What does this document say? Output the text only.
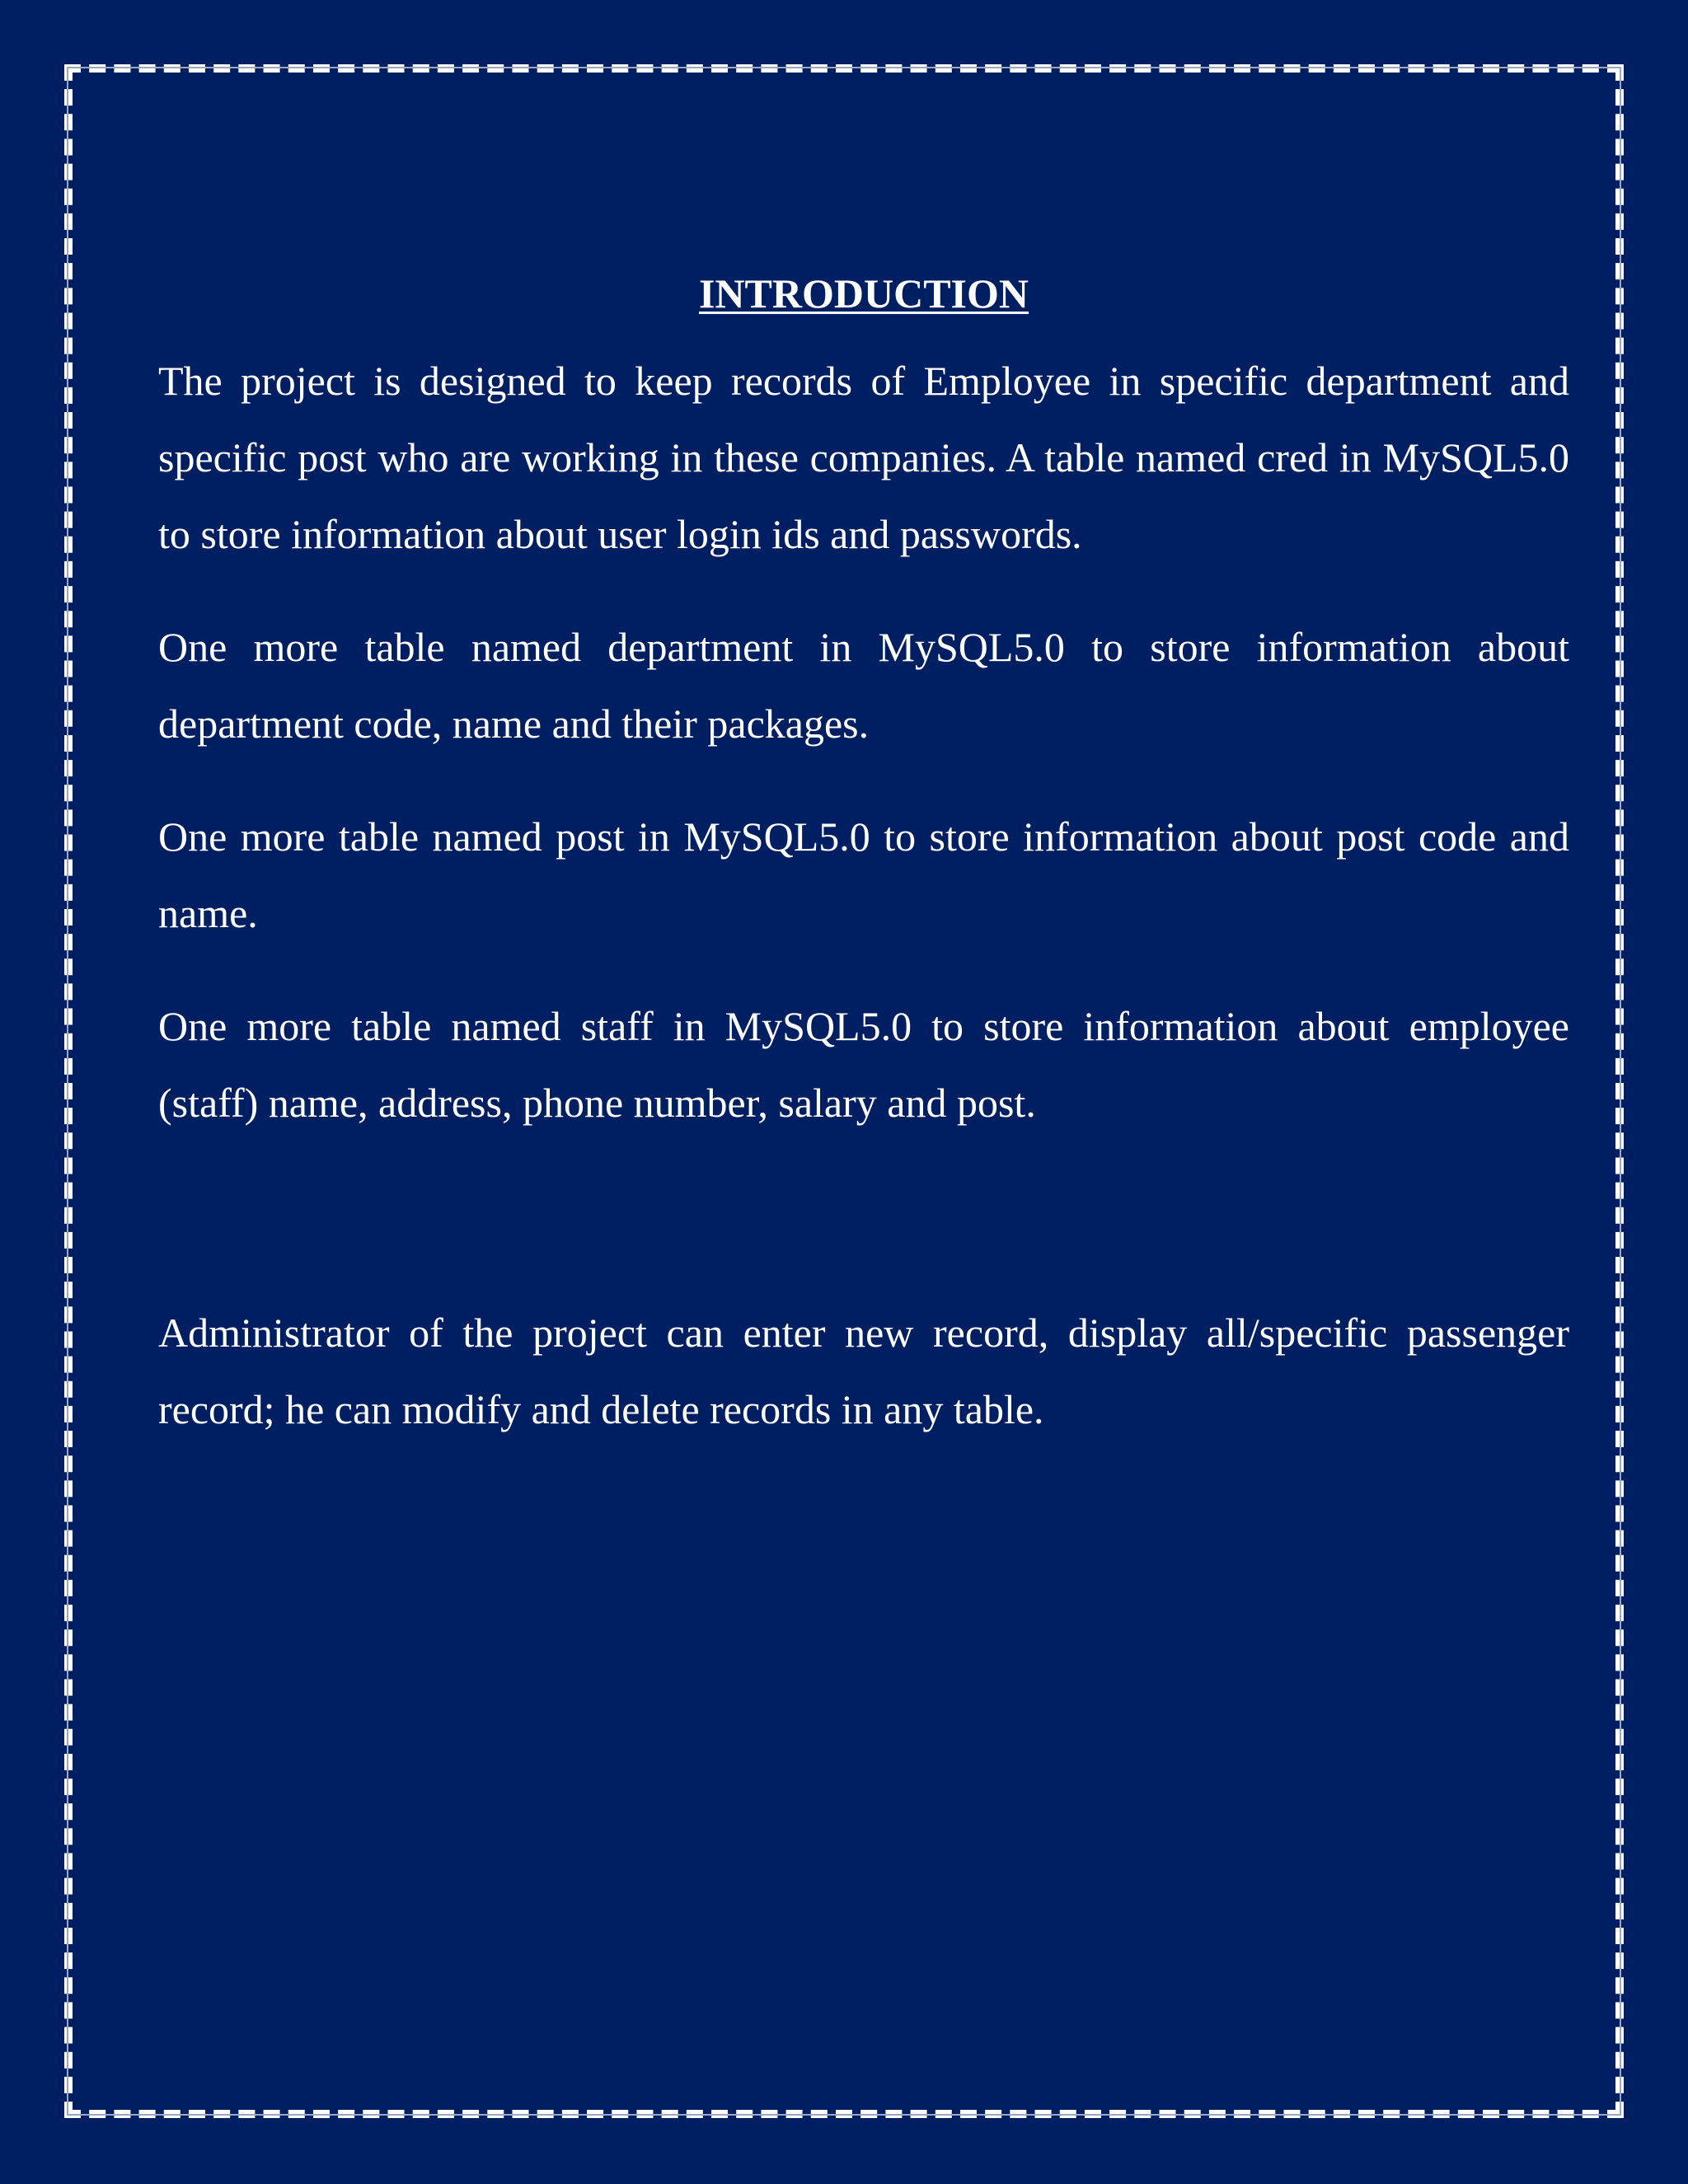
INTRODUCTION

The project is designed to keep records of Employee in specific department and specific post who are working in these companies. A table named cred in MySQL5.0 to store information about user login ids and passwords.

One more table named department in MySQL5.0 to store information about department code, name and their packages.

One more table named post in MySQL5.0 to store information about post code and name.

One more table named staff in MySQL5.0 to store information about employee (staff) name, address, phone number, salary and post.

Administrator of the project can enter new record, display all/specific passenger record; he can modify and delete records in any table.
